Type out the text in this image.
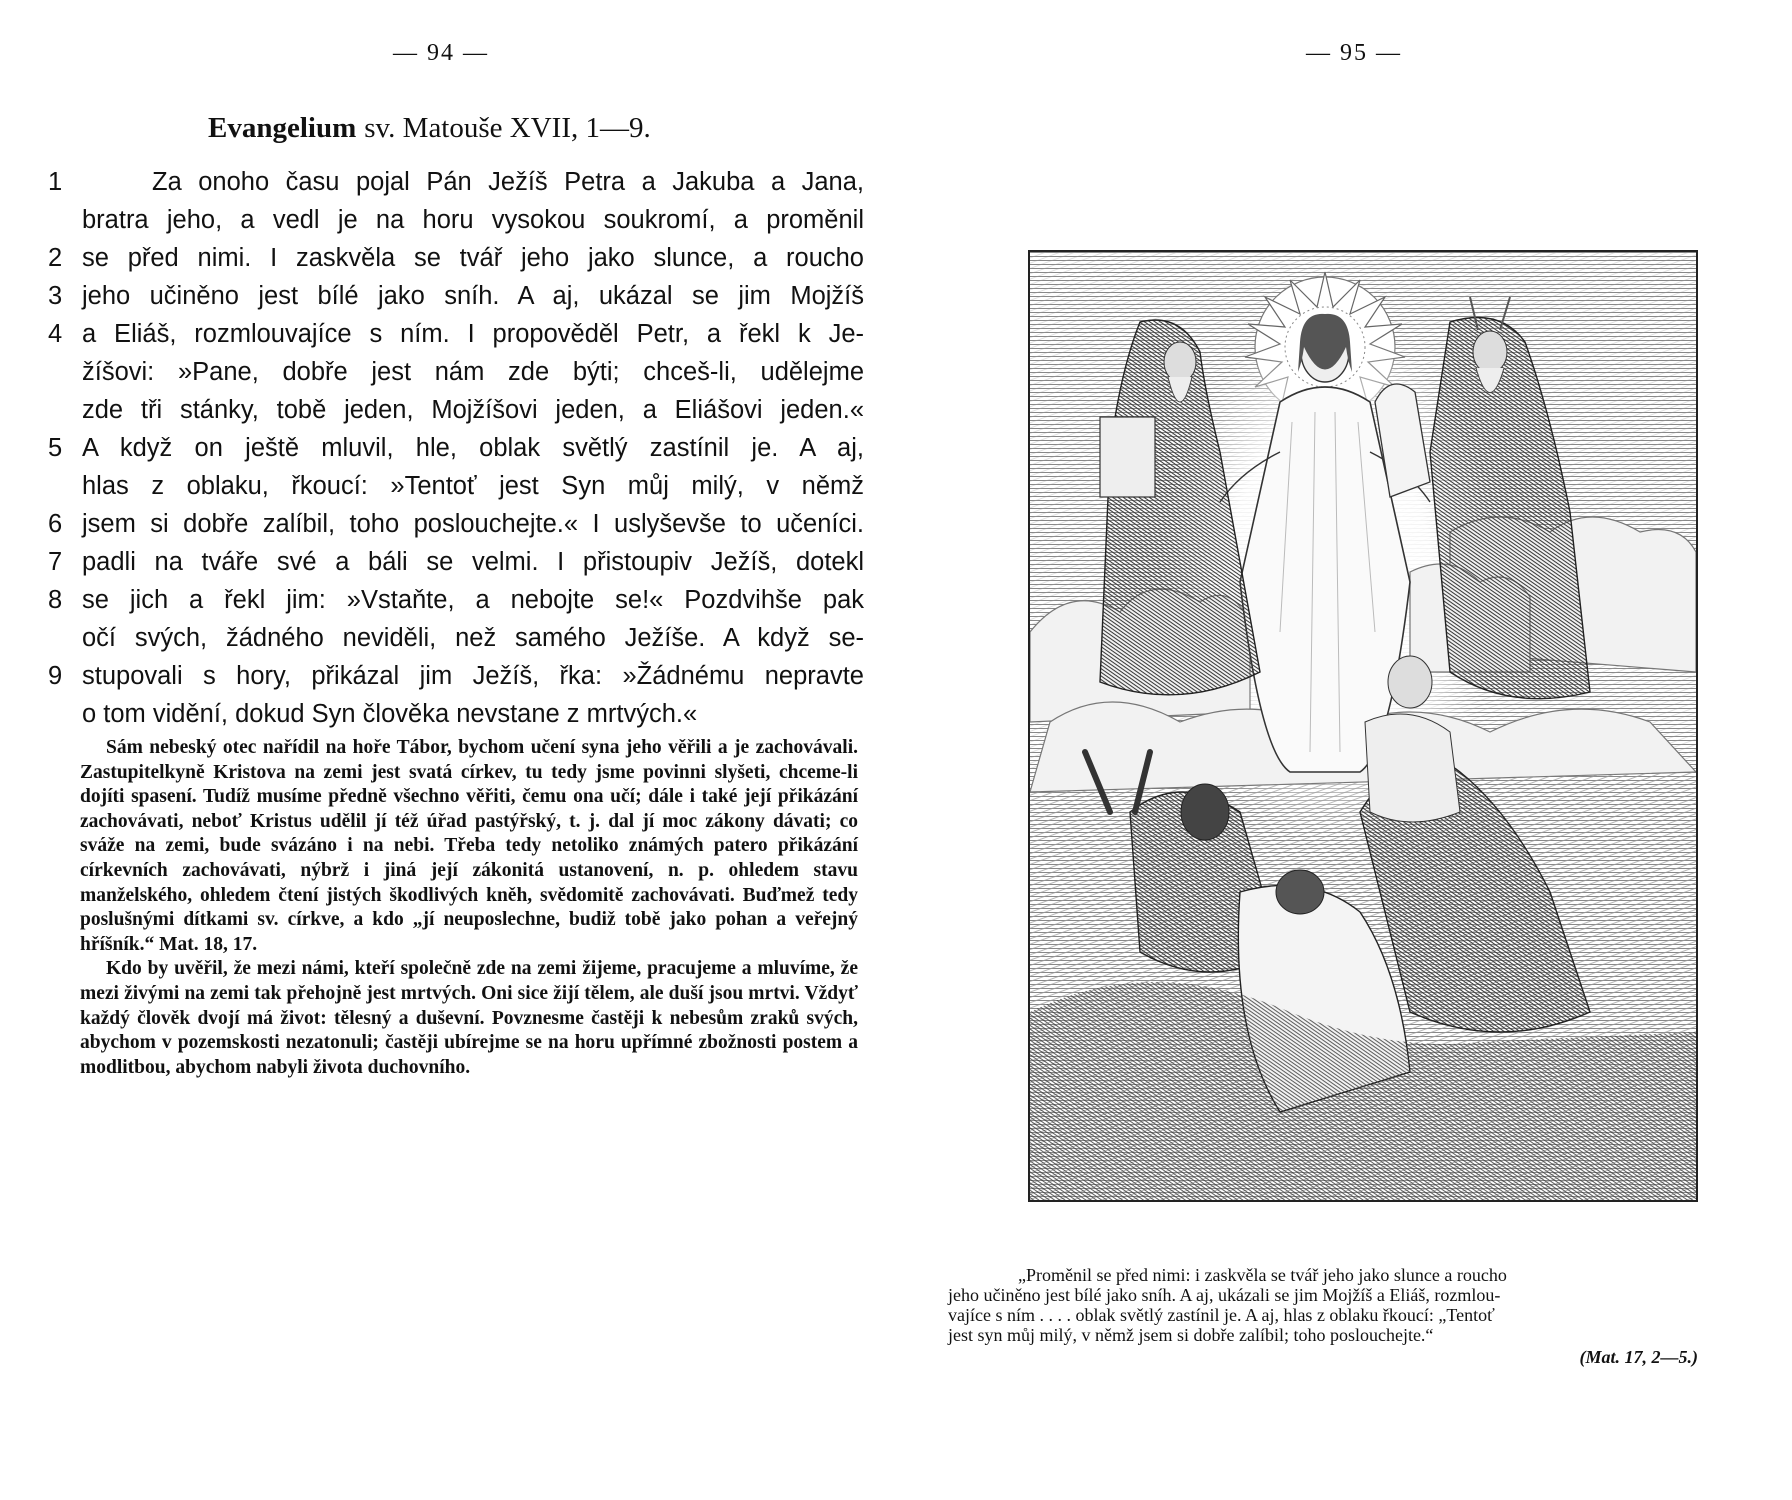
— 94 —
Evangelium sv. Matouše XVII, 1—9.
1	Za onoho času pojal Pán Ježíš Petra a Jakuba a Jana,
bratra jeho, a vedl je na horu vysokou soukromí, a proměnil
2 se před nimi. I zaskvěla se tvář jeho jako slunce, a roucho
3 jeho učiněno jest bílé jako sníh. A aj, ukázal se jim Mojžíš
4 a Eliáš, rozmlouvajíce s ním. I propověděl Petr, a řekl k Je-
žíšovi: »Pane, dobře jest nám zde býti; chceš-li, udělejme
zde tři stánky, tobě jeden, Mojžíšovi jeden, a Eliášovi jeden.«
5 A když on ještě mluvil, hle, oblak světlý zastínil je. A aj,
hlas z oblaku, řkoucí: »Tentoť jest Syn můj milý, v němž
6 jsem si dobře zalíbil, toho poslouchejte.« I uslyševše to učeníci.
7 padli na tváře své a báli se velmi. I přistoupiv Ježíš, dotekl
8 se jich a řekl jim: »Vstaňte, a nebojte se!« Pozdvihše pak
očí svých, žádného neviděli, než samého Ježíše. A když se-
9 stupovali s hory, přikázal jim Ježíš, řka: »Žádnému nepravte
o tom vidění, dokud Syn člověka nevstane z mrtvých.«

Sám nebeský otec nařídil na hoře Tábor, bychom učení syna jeho věřili a je zachovávali. Zastupitelkyně Kristova na zemi jest svatá církev, tu tedy jsme povinni slyšeti, chceme-li dojíti spasení. Tudíž musíme předně všechno věřiti, čemu ona učí; dále i také její přikázání zachovávati, neboť Kristus udělil jí též úřad pastýřský, t. j. dal jí moc zákony dávati; co sváže na zemi, bude svázáno i na nebi. Třeba tedy netoliko známých patero přikázání církevních zachovávati, nýbrž i jiná její zákonitá ustanovení, n. p. ohledem stavu manželského, ohledem čtení jistých škodlivých kněh, svědomitě zachovávati. Buďmež tedy poslušnými dítkami sv. církve, a kdo „jí neuposlechne, budiž tobě jako pohan a veřejný hříšník.“ Mat. 18, 17.

Kdo by uvěřil, že mezi námi, kteří společně zde na zemi žijeme, pracujeme a mluvíme, že mezi živými na zemi tak přehojně jest mrtvých. Oni sice žijí tělem, ale duší jsou mrtvi. Vždyť každý člověk dvojí má život: tělesný a duševní. Povznesme častěji k nebesům zraků svých, abychom v pozemskosti nezatonuli; častěji ubírejme se na horu upřímné zbožnosti postem a modlitbou, abychom nabyli života duchovního.

— 95 —
„Proměnil se před nimi: i zaskvěla se tvář jeho jako slunce a roucho
jeho učiněno jest bílé jako sníh. A aj, ukázali se jim Mojžíš a Eliáš, rozmlou-
vajíce s ním . . . . oblak světlý zastínil je. A aj, hlas z oblaku řkoucí: „Tentoť
jest syn můj milý, v němž jsem si dobře zalíbil; toho poslouchejte.“
(Mat. 17, 2—5.)
